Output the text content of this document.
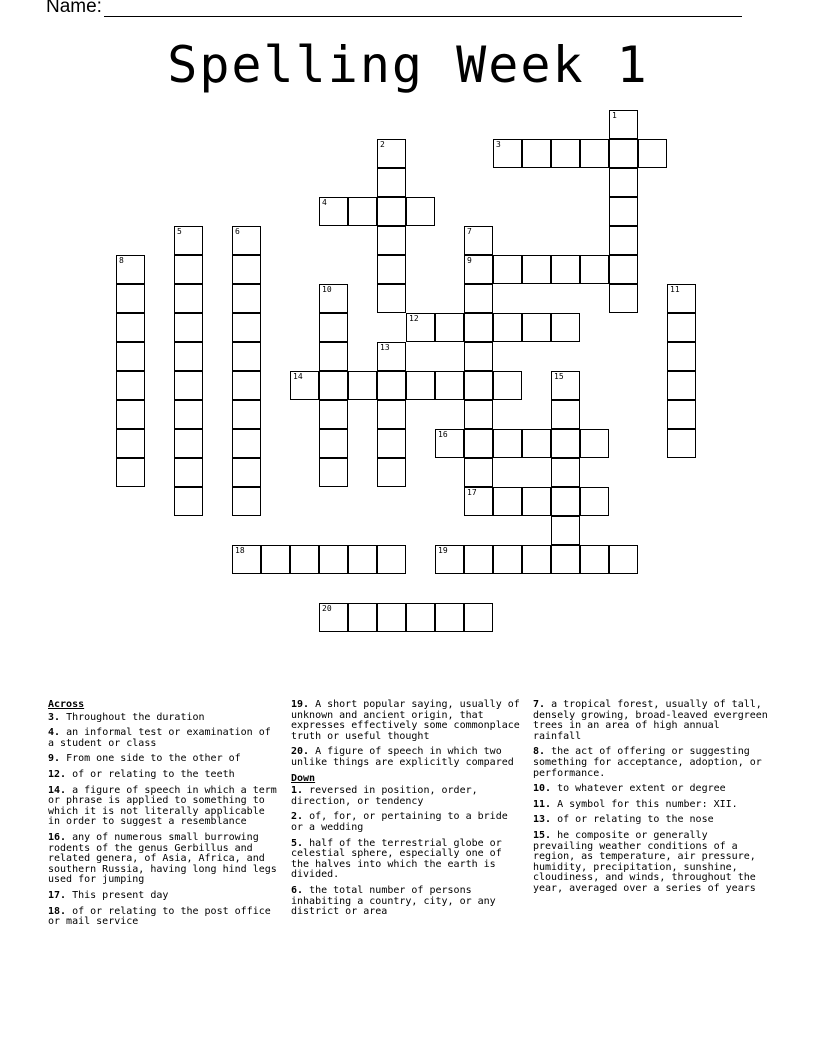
Name:
Spelling Week 1
1
2	3
4
5	6	7
8	9
10	11
12
13
14	15
16
17
18	19
20
Across
3. Throughout the duration
4. an informal test or examination of a student or class
9. From one side to the other of
12. of or relating to the teeth
14. a figure of speech in which a term or phrase is applied to something to which it is not literally applicable in order to suggest a resemblance
16. any of numerous small burrowing rodents of the genus Gerbillus and related genera, of Asia, Africa, and southern Russia, having long hind legs used for jumping
17. This present day
18. of or relating to the post office or mail service
19. A short popular saying, usually of unknown and ancient origin, that expresses effectively some commonplace truth or useful thought
20. A figure of speech in which two unlike things are explicitly compared
Down
1. reversed in position, order, direction, or tendency
2. of, for, or pertaining to a bride or a wedding
5. half of the terrestrial globe or celestial sphere, especially one of the halves into which the earth is divided.
6. the total number of persons inhabiting a country, city, or any district or area
7. a tropical forest, usually of tall, densely growing, broad-leaved evergreen trees in an area of high annual rainfall
8. the act of offering or suggesting something for acceptance, adoption, or performance.
10. to whatever extent or degree
11. A symbol for this number: XII.
13. of or relating to the nose
15. he composite or generally prevailing weather conditions of a region, as temperature, air pressure, humidity, precipitation, sunshine, cloudiness, and winds, throughout the year, averaged over a series of years
